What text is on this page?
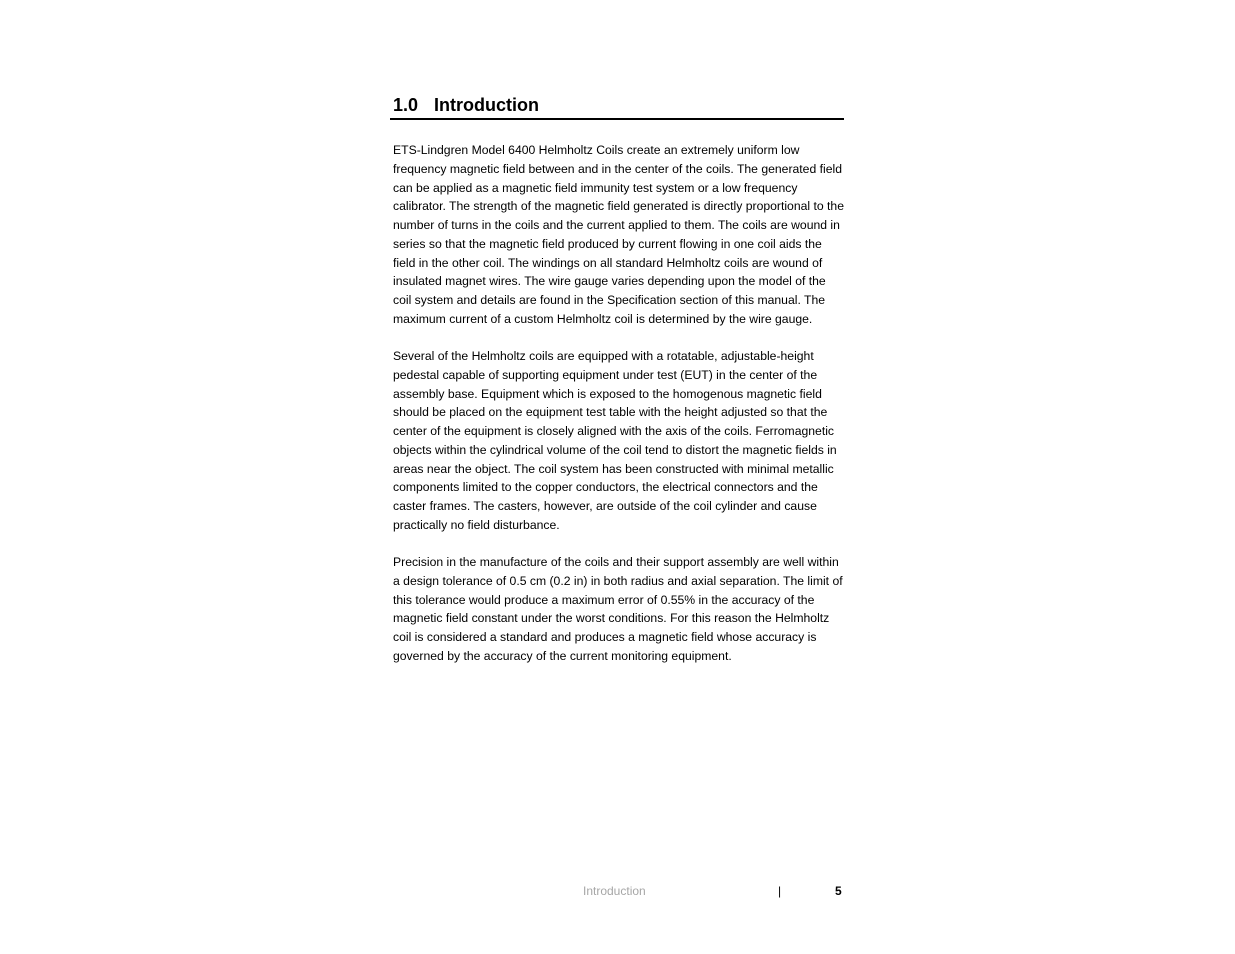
1.0 Introduction

ETS-Lindgren Model 6400 Helmholtz Coils create an extremely uniform low frequency magnetic field between and in the center of the coils. The generated field can be applied as a magnetic field immunity test system or a low frequency calibrator. The strength of the magnetic field generated is directly proportional to the number of turns in the coils and the current applied to them. The coils are wound in series so that the magnetic field produced by current flowing in one coil aids the field in the other coil. The windings on all standard Helmholtz coils are wound of insulated magnet wires. The wire gauge varies depending upon the model of the coil system and details are found in the Specification section of this manual. The maximum current of a custom Helmholtz coil is determined by the wire gauge.

Several of the Helmholtz coils are equipped with a rotatable, adjustable-height pedestal capable of supporting equipment under test (EUT) in the center of the assembly base. Equipment which is exposed to the homogenous magnetic field should be placed on the equipment test table with the height adjusted so that the center of the equipment is closely aligned with the axis of the coils. Ferromagnetic objects within the cylindrical volume of the coil tend to distort the magnetic fields in areas near the object. The coil system has been constructed with minimal metallic components limited to the copper conductors, the electrical connectors and the caster frames. The casters, however, are outside of the coil cylinder and cause practically no field disturbance.

Precision in the manufacture of the coils and their support assembly are well within a design tolerance of 0.5 cm (0.2 in) in both radius and axial separation. The limit of this tolerance would produce a maximum error of 0.55% in the accuracy of the magnetic field constant under the worst conditions. For this reason the Helmholtz coil is considered a standard and produces a magnetic field whose accuracy is governed by the accuracy of the current monitoring equipment.

Introduction	|	5
